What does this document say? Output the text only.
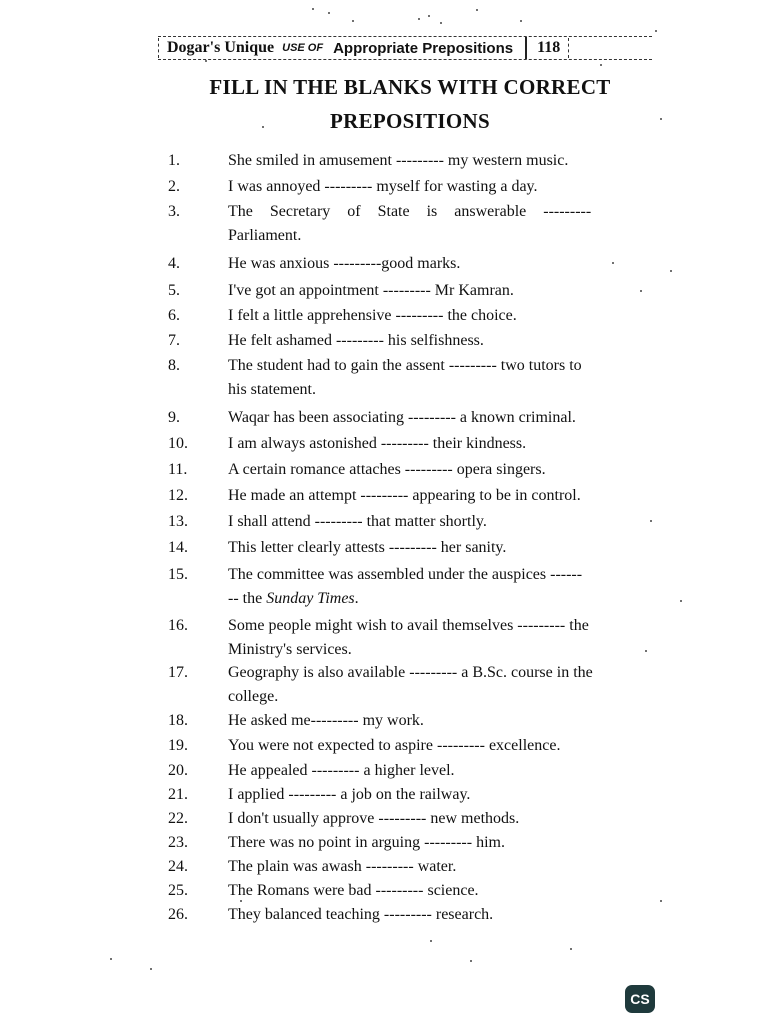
Dogar's Unique USE OF Appropriate Prepositions 118
FILL IN THE BLANKS WITH CORRECT
PREPOSITIONS
1.	She smiled in amusement --------- my western music.
2.	I was annoyed --------- myself for wasting a day.
3.	The Secretary of State is answerable ---------
Parliament.
4.	He was anxious ---------good marks.
5.	I've got an appointment --------- Mr Kamran.
6.	I felt a little apprehensive --------- the choice.
7.	He felt ashamed --------- his selfishness.
8.	The student had to gain the assent --------- two tutors to
his statement.
9.	Waqar has been associating --------- a known criminal.
10.	I am always astonished --------- their kindness.
11.	A certain romance attaches --------- opera singers.
12.	He made an attempt --------- appearing to be in control.
13.	I shall attend --------- that matter shortly.
14.	This letter clearly attests --------- her sanity.
15.	The committee was assembled under the auspices ------
-- the Sunday Times.
16.	Some people might wish to avail themselves --------- the
Ministry's services.
17.	Geography is also available --------- a B.Sc. course in the
college.
18.	He asked me--------- my work.
19.	You were not expected to aspire --------- excellence.
20.	He appealed --------- a higher level.
21.	I applied --------- a job on the railway.
22.	I don't usually approve --------- new methods.
23.	There was no point in arguing --------- him.
24.	The plain was awash --------- water.
25.	The Romans were bad --------- science.
26.	They balanced teaching --------- research.
CS
